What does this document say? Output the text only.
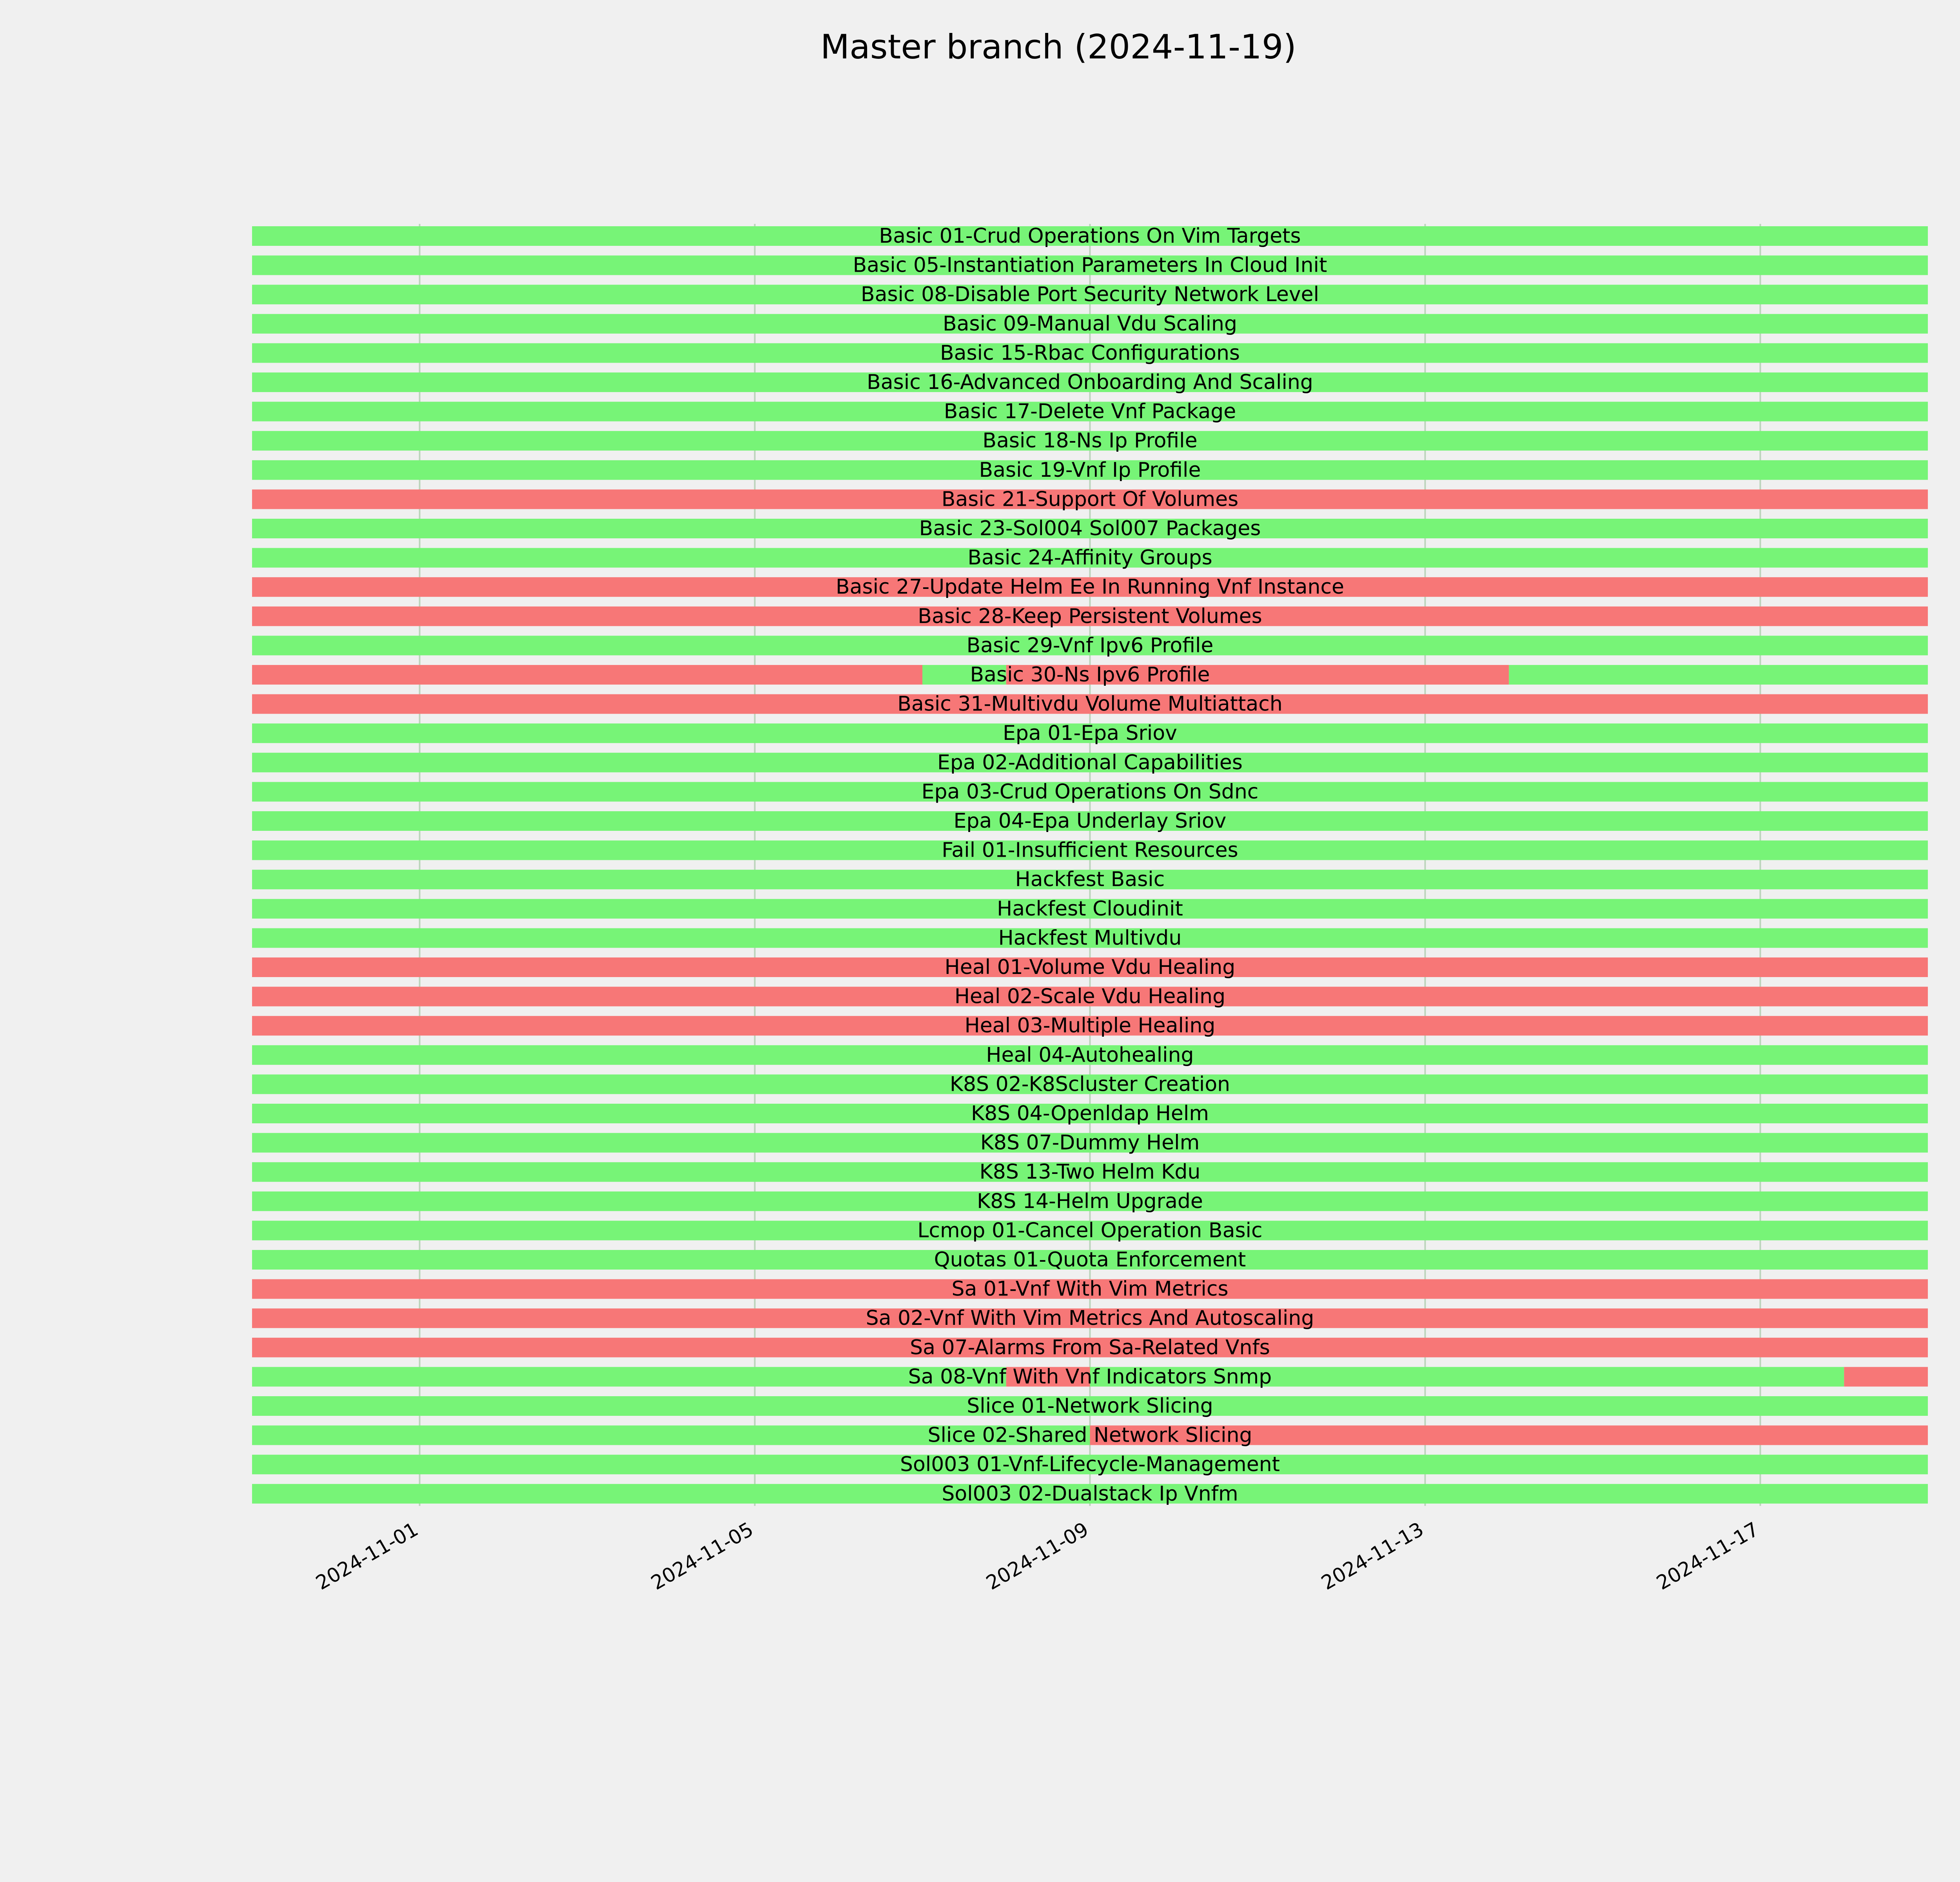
Master branch (2024-11-19)
Basic 01-Crud Operations On Vim Targets
Basic 05-Instantiation Parameters In Cloud Init
Basic 08-Disable Port Security Network Level
Basic 09-Manual Vdu Scaling
Basic 15-Rbac Configurations
Basic 16-Advanced Onboarding And Scaling
Basic 17-Delete Vnf Package
Basic 18-Ns Ip Profile
Basic 19-Vnf Ip Profile
Basic 21-Support Of Volumes
Basic 23-Sol004 Sol007 Packages
Basic 24-Affinity Groups
Basic 27-Update Helm Ee In Running Vnf Instance
Basic 28-Keep Persistent Volumes
Basic 29-Vnf Ipv6 Profile
Basic 30-Ns Ipv6 Profile
Basic 31-Multivdu Volume Multiattach
Epa 01-Epa Sriov
Epa 02-Additional Capabilities
Epa 03-Crud Operations On Sdnc
Epa 04-Epa Underlay Sriov
Fail 01-Insufficient Resources
Hackfest Basic
Hackfest Cloudinit
Hackfest Multivdu
Heal 01-Volume Vdu Healing
Heal 02-Scale Vdu Healing
Heal 03-Multiple Healing
Heal 04-Autohealing
K8S 02-K8Scluster Creation
K8S 04-Openldap Helm
K8S 07-Dummy Helm
K8S 13-Two Helm Kdu
K8S 14-Helm Upgrade
Lcmop 01-Cancel Operation Basic
Quotas 01-Quota Enforcement
Sa 01-Vnf With Vim Metrics
Sa 02-Vnf With Vim Metrics And Autoscaling
Sa 07-Alarms From Sa-Related Vnfs
Sa 08-Vnf With Vnf Indicators Snmp
Slice 01-Network Slicing
Slice 02-Shared Network Slicing
Sol003 01-Vnf-Lifecycle-Management
Sol003 02-Dualstack Ip Vnfm
2024-11-01	2024-11-05	2024-11-09	2024-11-13	2024-11-17
